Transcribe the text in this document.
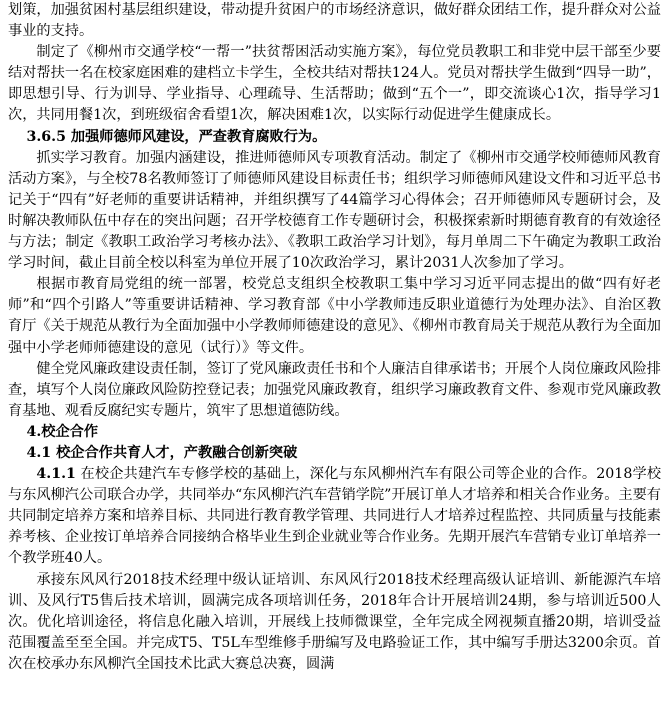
划策，加强贫困村基层组织建设，带动提升贫困户的市场经济意识，做好群众团结工作，提升群众对公益事业的支持。

制定了《柳州市交通学校“一帮一”扶贫帮困活动实施方案》，每位党员教职工和非党中层干部至少要结对帮扶一名在校家庭困难的建档立卡学生，全校共结对帮扶124人。党员对帮扶学生做到“四导一助”，即思想引导、行为训导、学业指导、心理疏导、生活帮助；做到“五个一”，即交流谈心1次，指导学习1次，共同用餐1次，到班级宿舍看望1次，解决困难1次，以实际行动促进学生健康成长。

3.6.5 加强师德师风建设，严查教育腐败行为。

抓实学习教育。加强内涵建设，推进师德师风专项教育活动。制定了《柳州市交通学校师德师风教育活动方案》，与全校78名教师签订了师德师风建设目标责任书；组织学习师德师风建设文件和习近平总书记关于“四有”好老师的重要讲话精神，并组织撰写了44篇学习心得体会；召开师德师风专题研讨会，及时解决教师队伍中存在的突出问题；召开学校德育工作专题研讨会，积极探索新时期德育教育的有效途径与方法；制定《教职工政治学习考核办法》、《教职工政治学习计划》，每月单周二下午确定为教职工政治学习时间，截止目前全校以科室为单位开展了10次政治学习，累计2031人次参加了学习。

根据市教育局党组的统一部署，校党总支组织全校教职工集中学习习近平同志提出的做“四有好老师”和“四个引路人”等重要讲话精神、学习教育部《中小学教师违反职业道德行为处理办法》、自治区教育厅《关于规范从教行为全面加强中小学教师师德建设的意见》、《柳州市教育局关于规范从教行为全面加强中小学老师师德建设的意见（试行）》等文件。

健全党风廉政建设责任制，签订了党风廉政责任书和个人廉洁自律承诺书；开展个人岗位廉政风险排查，填写个人岗位廉政风险防控登记表；加强党风廉政教育，组织学习廉政教育文件、参观市党风廉政教育基地、观看反腐纪实专题片，筑牢了思想道德防线。

4.校企合作

4.1 校企合作共育人才，产教融合创新突破

4.1.1 在校企共建汽车专修学校的基础上，深化与东风柳州汽车有限公司等企业的合作。2018学校与东风柳汽公司联合办学，共同举办“东风柳汽汽车营销学院”开展订单人才培养和相关合作业务。主要有共同制定培养方案和培养目标、共同进行教育教学管理、共同进行人才培养过程监控、共同质量与技能素养考核、企业按订单培养合同接纳合格毕业生到企业就业等合作业务。先期开展汽车营销专业订单培养一个教学班40人。

承接东风风行2018技术经理中级认证培训、东风风行2018技术经理高级认证培训、新能源汽车培训、及风行T5售后技术培训，圆满完成各项培训任务，2018年合计开展培训24期，参与培训近500人次。优化培训途径，将信息化融入培训，开展线上技师微课堂，全年完成全网视频直播20期，培训受益范围覆盖至至全国。并完成T5、T5L车型维修手册编写及电路验证工作，其中编写手册达3200余页。首次在校承办东风柳汽全国技术比武大赛总决赛，圆满
